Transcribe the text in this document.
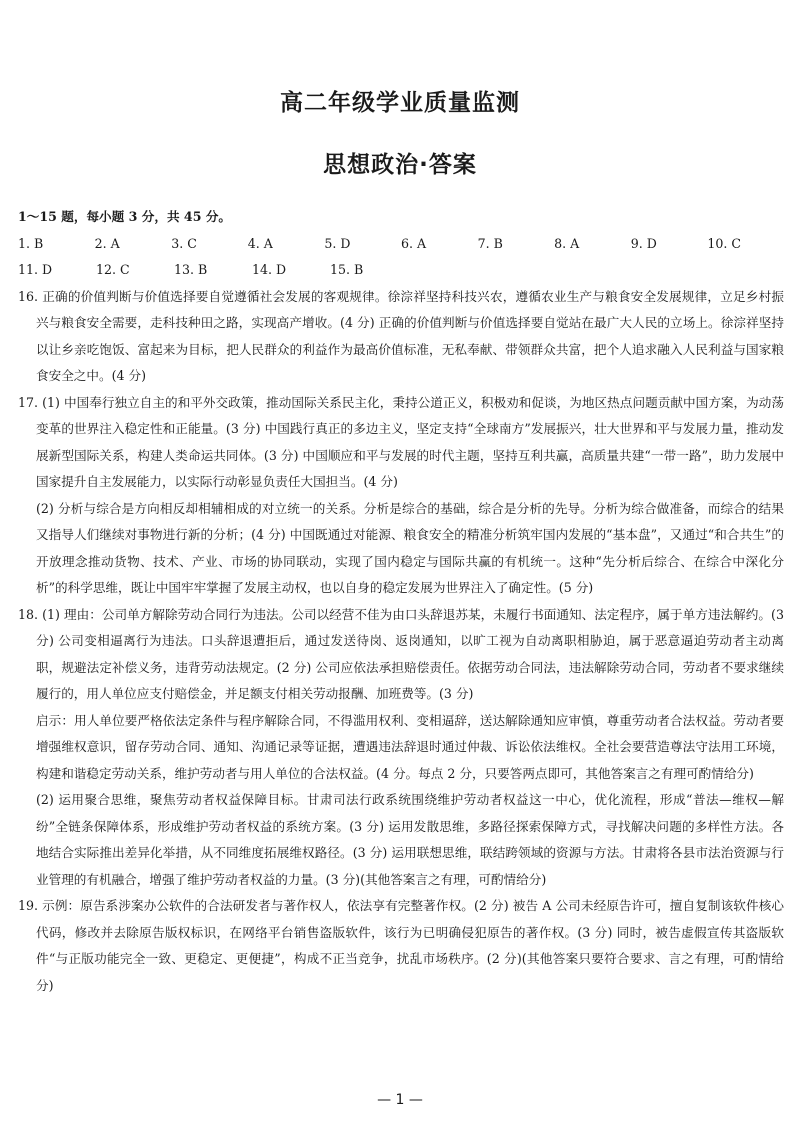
高二年级学业质量监测
思想政治·答案
1～15 题，每小题 3 分，共 45 分。
1. B	2. A	3. C	4. A	5. D	6. A	7. B	8. A	9. D	10. C
11. D	12. C	13. B	14. D	15. B
16. 正确的价值判断与价值选择要自觉遵循社会发展的客观规律。徐淙祥坚持科技兴农，遵循农业生产与粮食安全发展规律，立足乡村振兴与粮食安全需要，走科技种田之路，实现高产增收。(4 分) 正确的价值判断与价值选择要自觉站在最广大人民的立场上。徐淙祥坚持以让乡亲吃饱饭、富起来为目标，把人民群众的利益作为最高价值标准，无私奉献、带领群众共富，把个人追求融入人民利益与国家粮食安全之中。(4 分)
17. (1) 中国奉行独立自主的和平外交政策，推动国际关系民主化，秉持公道正义，积极劝和促谈，为地区热点问题贡献中国方案，为动荡变革的世界注入稳定性和正能量。(3 分) 中国践行真正的多边主义，坚定支持“全球南方”发展振兴，壮大世界和平与发展力量，推动发展新型国际关系，构建人类命运共同体。(3 分) 中国顺应和平与发展的时代主题，坚持互利共赢，高质量共建“一带一路”，助力发展中国家提升自主发展能力，以实际行动彰显负责任大国担当。(4 分)
(2) 分析与综合是方向相反却相辅相成的对立统一的关系。分析是综合的基础，综合是分析的先导。分析为综合做准备，而综合的结果又指导人们继续对事物进行新的分析；(4 分) 中国既通过对能源、粮食安全的精准分析筑牢国内发展的“基本盘”，又通过“和合共生”的开放理念推动货物、技术、产业、市场的协同联动，实现了国内稳定与国际共赢的有机统一。这种“先分析后综合、在综合中深化分析”的科学思维，既让中国牢牢掌握了发展主动权，也以自身的稳定发展为世界注入了确定性。(5 分)
18. (1) 理由：公司单方解除劳动合同行为违法。公司以经营不佳为由口头辞退苏某，未履行书面通知、法定程序，属于单方违法解约。(3 分) 公司变相逼离行为违法。口头辞退遭拒后，通过发送待岗、返岗通知，以旷工视为自动离职相胁迫，属于恶意逼迫劳动者主动离职，规避法定补偿义务，违背劳动法规定。(2 分) 公司应依法承担赔偿责任。依据劳动合同法，违法解除劳动合同，劳动者不要求继续履行的，用人单位应支付赔偿金，并足额支付相关劳动报酬、加班费等。(3 分)
启示：用人单位要严格依法定条件与程序解除合同，不得滥用权利、变相逼辞，送达解除通知应审慎，尊重劳动者合法权益。劳动者要增强维权意识，留存劳动合同、通知、沟通记录等证据，遭遇违法辞退时通过仲裁、诉讼依法维权。全社会要营造尊法守法用工环境，构建和谐稳定劳动关系，维护劳动者与用人单位的合法权益。(4 分。每点 2 分，只要答两点即可，其他答案言之有理可酌情给分)
(2) 运用聚合思维，聚焦劳动者权益保障目标。甘肃司法行政系统围绕维护劳动者权益这一中心，优化流程，形成“普法—维权—解纷”全链条保障体系，形成维护劳动者权益的系统方案。(3 分) 运用发散思维，多路径探索保障方式，寻找解决问题的多样性方法。各地结合实际推出差异化举措，从不同维度拓展维权路径。(3 分) 运用联想思维，联结跨领域的资源与方法。甘肃将各县市法治资源与行业管理的有机融合，增强了维护劳动者权益的力量。(3 分)(其他答案言之有理，可酌情给分)
19. 示例：原告系涉案办公软件的合法研发者与著作权人，依法享有完整著作权。(2 分) 被告 A 公司未经原告许可，擅自复制该软件核心代码，修改并去除原告版权标识，在网络平台销售盗版软件，该行为已明确侵犯原告的著作权。(3 分) 同时，被告虚假宣传其盗版软件“与正版功能完全一致、更稳定、更便捷”，构成不正当竞争，扰乱市场秩序。(2 分)(其他答案只要符合要求、言之有理，可酌情给分)
— 1 —
